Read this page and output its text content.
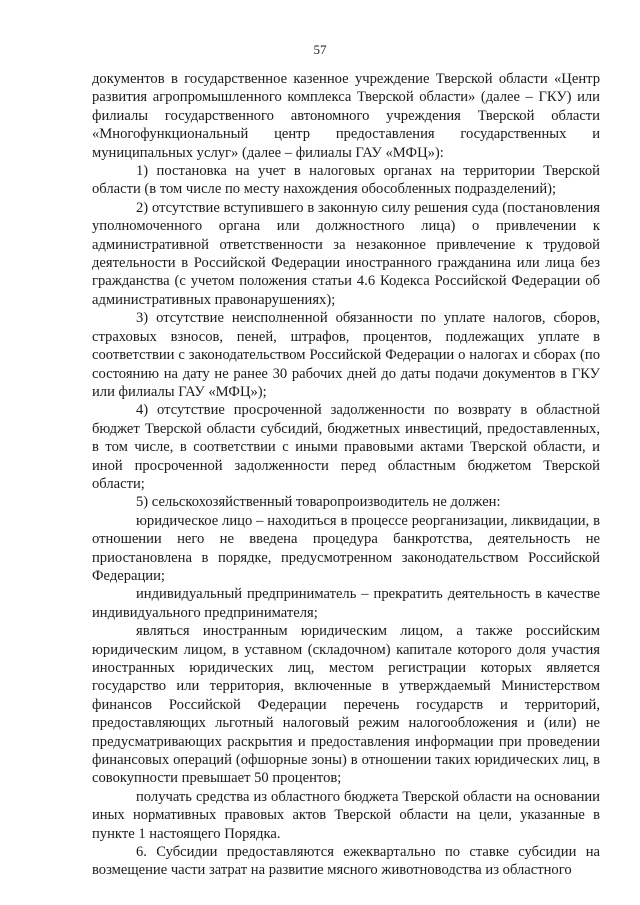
57

документов в государственное казенное учреждение Тверской области «Центр развития агропромышленного комплекса Тверской области» (далее – ГКУ) или филиалы государственного автономного учреждения Тверской области «Многофункциональный центр предоставления государственных и муниципальных услуг» (далее – филиалы ГАУ «МФЦ»):

1) постановка на учет в налоговых органах на территории Тверской области (в том числе по месту нахождения обособленных подразделений);

2) отсутствие вступившего в законную силу решения суда (постановления уполномоченного органа или должностного лица) о привлечении к административной ответственности за незаконное привлечение к трудовой деятельности в Российской Федерации иностранного гражданина или лица без гражданства (с учетом положения статьи 4.6 Кодекса Российской Федерации об административных правонарушениях);

3) отсутствие неисполненной обязанности по уплате налогов, сборов, страховых взносов, пеней, штрафов, процентов, подлежащих уплате в соответствии с законодательством Российской Федерации о налогах и сборах (по состоянию на дату не ранее 30 рабочих дней до даты подачи документов в ГКУ или филиалы ГАУ «МФЦ»);

4) отсутствие просроченной задолженности по возврату в областной бюджет Тверской области субсидий, бюджетных инвестиций, предоставленных, в том числе, в соответствии с иными правовыми актами Тверской области, и иной просроченной задолженности перед областным бюджетом Тверской области;

5) сельскохозяйственный товаропроизводитель не должен:

юридическое лицо – находиться в процессе реорганизации, ликвидации, в отношении него не введена процедура банкротства, деятельность не приостановлена в порядке, предусмотренном законодательством Российской Федерации;

индивидуальный предприниматель – прекратить деятельность в качестве индивидуального предпринимателя;

являться иностранным юридическим лицом, а также российским юридическим лицом, в уставном (складочном) капитале которого доля участия иностранных юридических лиц, местом регистрации которых является государство или территория, включенные в утверждаемый Министерством финансов Российской Федерации перечень государств и территорий, предоставляющих льготный налоговый режим налогообложения и (или) не предусматривающих раскрытия и предоставления информации при проведении финансовых операций (офшорные зоны) в отношении таких юридических лиц, в совокупности превышает 50 процентов;

получать средства из областного бюджета Тверской области на основании иных нормативных правовых актов Тверской области на цели, указанные в пункте 1 настоящего Порядка.

6. Субсидии предоставляются ежеквартально по ставке субсидии на возмещение части затрат на развитие мясного животноводства из областного
